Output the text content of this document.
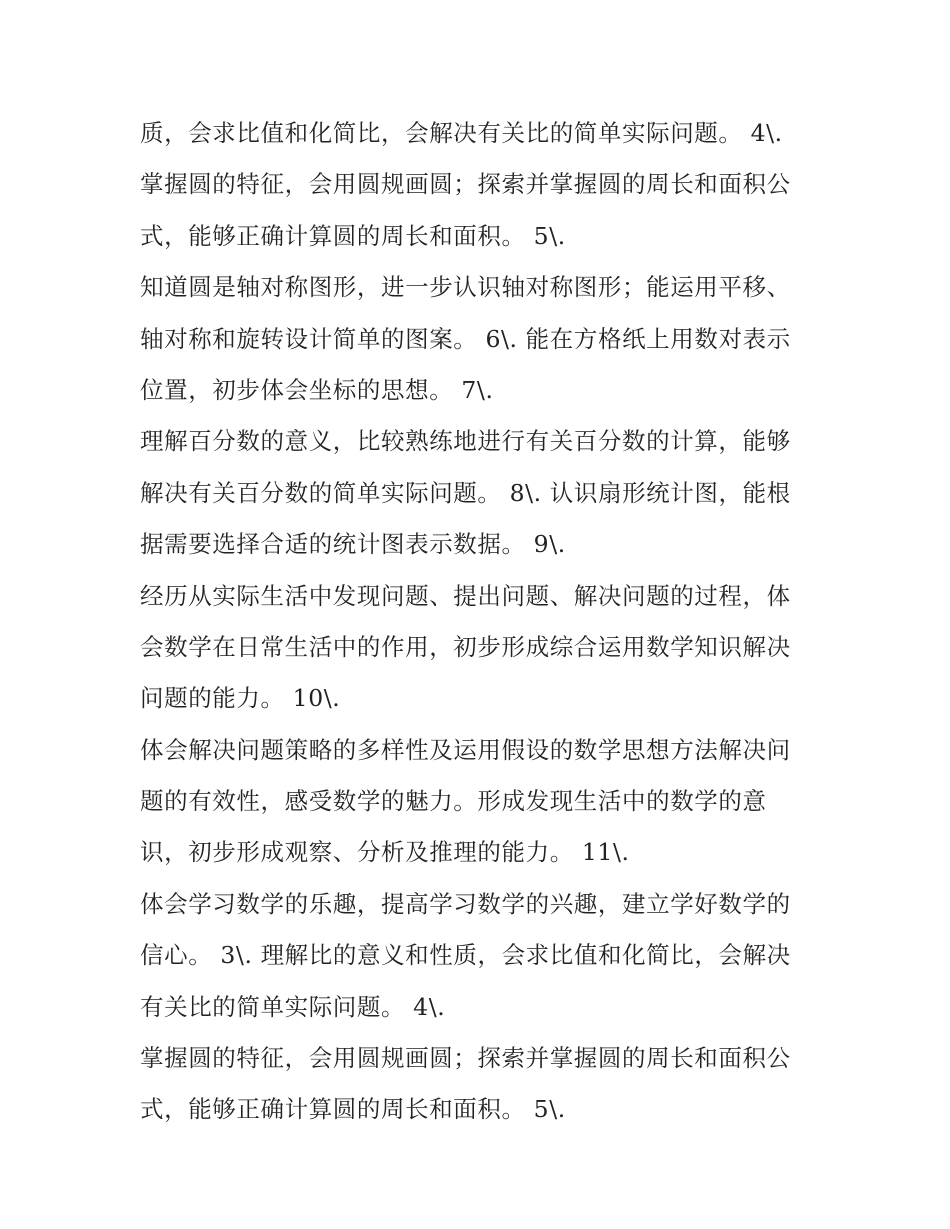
质，会求比值和化简比，会解决有关比的简单实际问题。 4\.
掌握圆的特征，会用圆规画圆；探索并掌握圆的周长和面积公
式，能够正确计算圆的周长和面积。 5\.
知道圆是轴对称图形，进一步认识轴对称图形；能运用平移、
轴对称和旋转设计简单的图案。 6\. 能在方格纸上用数对表示
位置，初步体会坐标的思想。 7\.
理解百分数的意义，比较熟练地进行有关百分数的计算，能够
解决有关百分数的简单实际问题。 8\. 认识扇形统计图，能根
据需要选择合适的统计图表示数据。 9\.
经历从实际生活中发现问题、提出问题、解决问题的过程，体
会数学在日常生活中的作用，初步形成综合运用数学知识解决
问题的能力。 10\.
体会解决问题策略的多样性及运用假设的数学思想方法解决问
题的有效性，感受数学的魅力。形成发现生活中的数学的意
识，初步形成观察、分析及推理的能力。 11\.
体会学习数学的乐趣，提高学习数学的兴趣，建立学好数学的
信心。 3\. 理解比的意义和性质，会求比值和化简比，会解决
有关比的简单实际问题。 4\.
掌握圆的特征，会用圆规画圆；探索并掌握圆的周长和面积公
式，能够正确计算圆的周长和面积。 5\.
